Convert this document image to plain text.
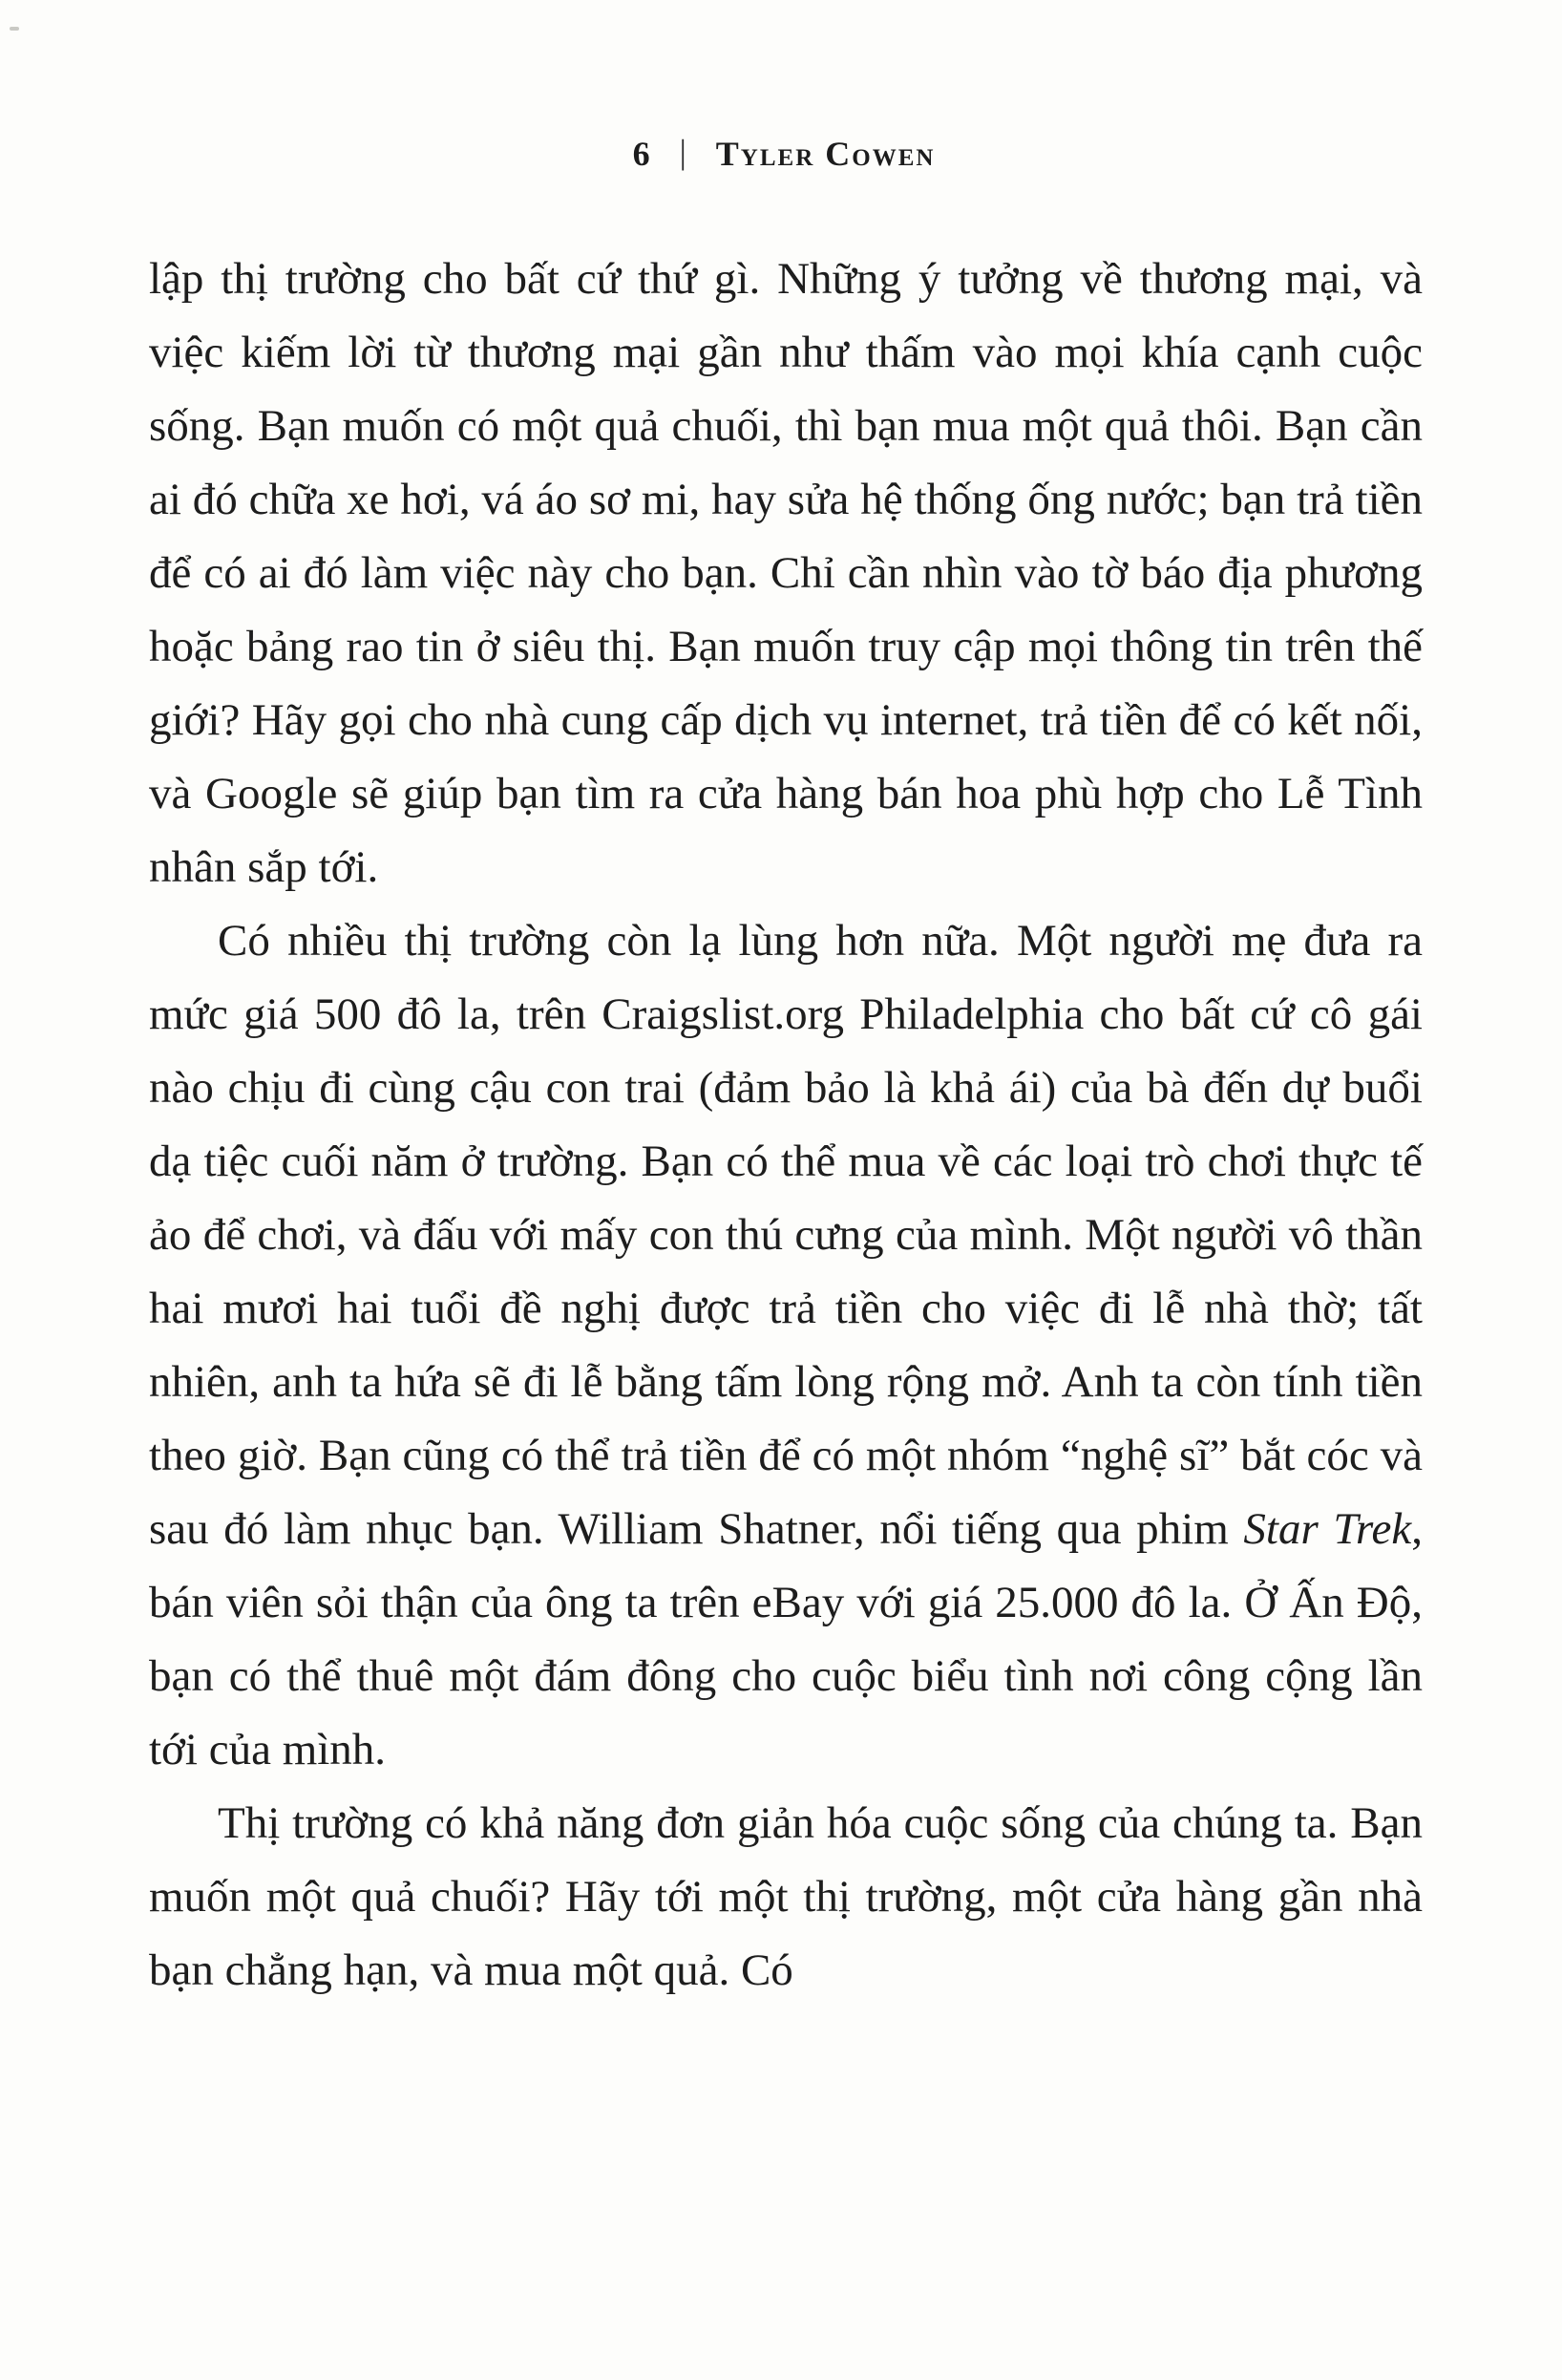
6 | Tyler Cowen

lập thị trường cho bất cứ thứ gì. Những ý tưởng về thương mại, và việc kiếm lời từ thương mại gần như thấm vào mọi khía cạnh cuộc sống. Bạn muốn có một quả chuối, thì bạn mua một quả thôi. Bạn cần ai đó chữa xe hơi, vá áo sơ mi, hay sửa hệ thống ống nước; bạn trả tiền để có ai đó làm việc này cho bạn. Chỉ cần nhìn vào tờ báo địa phương hoặc bảng rao tin ở siêu thị. Bạn muốn truy cập mọi thông tin trên thế giới? Hãy gọi cho nhà cung cấp dịch vụ internet, trả tiền để có kết nối, và Google sẽ giúp bạn tìm ra cửa hàng bán hoa phù hợp cho Lễ Tình nhân sắp tới.

Có nhiều thị trường còn lạ lùng hơn nữa. Một người mẹ đưa ra mức giá 500 đô la, trên Craigslist.org Philadelphia cho bất cứ cô gái nào chịu đi cùng cậu con trai (đảm bảo là khả ái) của bà đến dự buổi dạ tiệc cuối năm ở trường. Bạn có thể mua về các loại trò chơi thực tế ảo để chơi, và đấu với mấy con thú cưng của mình. Một người vô thần hai mươi hai tuổi đề nghị được trả tiền cho việc đi lễ nhà thờ; tất nhiên, anh ta hứa sẽ đi lễ bằng tấm lòng rộng mở. Anh ta còn tính tiền theo giờ. Bạn cũng có thể trả tiền để có một nhóm “nghệ sĩ” bắt cóc và sau đó làm nhục bạn. William Shatner, nổi tiếng qua phim Star Trek, bán viên sỏi thận của ông ta trên eBay với giá 25.000 đô la. Ở Ấn Độ, bạn có thể thuê một đám đông cho cuộc biểu tình nơi công cộng lần tới của mình.

Thị trường có khả năng đơn giản hóa cuộc sống của chúng ta. Bạn muốn một quả chuối? Hãy tới một thị trường, một cửa hàng gần nhà bạn chẳng hạn, và mua một quả. Có
